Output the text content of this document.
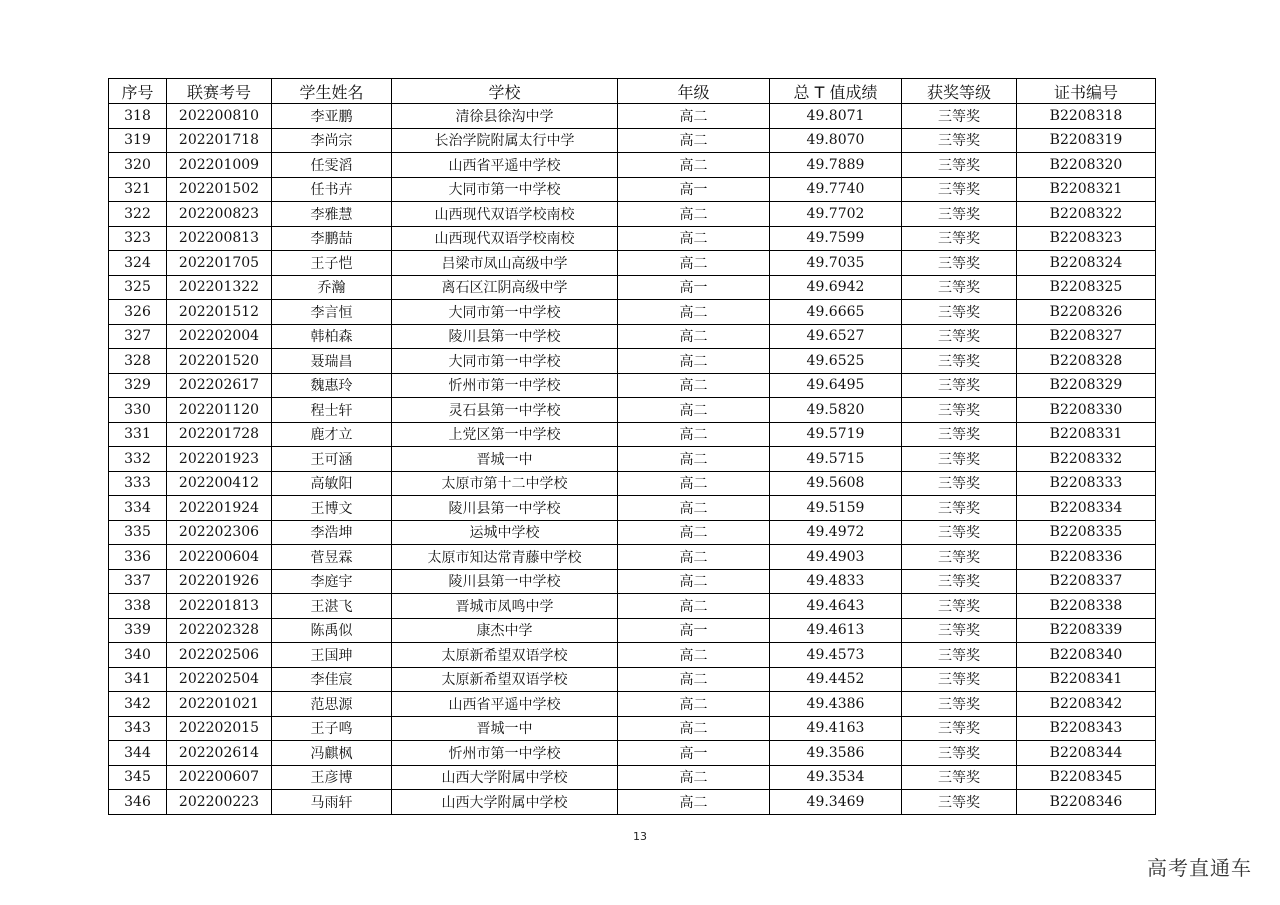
序号	联赛考号	学生姓名	学校	年级	总 T 值成绩	获奖等级	证书编号
318	202200810	李亚鹏	清徐县徐沟中学	高二	49.8071	三等奖	B2208318
319	202201718	李尚宗	长治学院附属太行中学	高二	49.8070	三等奖	B2208319
320	202201009	任雯滔	山西省平遥中学校	高二	49.7889	三等奖	B2208320
321	202201502	任书卉	大同市第一中学校	高一	49.7740	三等奖	B2208321
322	202200823	李雅慧	山西现代双语学校南校	高二	49.7702	三等奖	B2208322
323	202200813	李鹏喆	山西现代双语学校南校	高二	49.7599	三等奖	B2208323
324	202201705	王子恺	吕梁市凤山高级中学	高二	49.7035	三等奖	B2208324
325	202201322	乔瀚	离石区江阴高级中学	高一	49.6942	三等奖	B2208325
326	202201512	李言恒	大同市第一中学校	高二	49.6665	三等奖	B2208326
327	202202004	韩柏森	陵川县第一中学校	高二	49.6527	三等奖	B2208327
328	202201520	聂瑞昌	大同市第一中学校	高二	49.6525	三等奖	B2208328
329	202202617	魏惠玲	忻州市第一中学校	高二	49.6495	三等奖	B2208329
330	202201120	程士轩	灵石县第一中学校	高二	49.5820	三等奖	B2208330
331	202201728	鹿才立	上党区第一中学校	高二	49.5719	三等奖	B2208331
332	202201923	王可涵	晋城一中	高二	49.5715	三等奖	B2208332
333	202200412	高敏阳	太原市第十二中学校	高二	49.5608	三等奖	B2208333
334	202201924	王博文	陵川县第一中学校	高二	49.5159	三等奖	B2208334
335	202202306	李浩坤	运城中学校	高二	49.4972	三等奖	B2208335
336	202200604	菅昱霖	太原市知达常青藤中学校	高二	49.4903	三等奖	B2208336
337	202201926	李庭宇	陵川县第一中学校	高二	49.4833	三等奖	B2208337
338	202201813	王湛飞	晋城市凤鸣中学	高二	49.4643	三等奖	B2208338
339	202202328	陈禹似	康杰中学	高一	49.4613	三等奖	B2208339
340	202202506	王国珅	太原新希望双语学校	高二	49.4573	三等奖	B2208340
341	202202504	李佳宸	太原新希望双语学校	高二	49.4452	三等奖	B2208341
342	202201021	范思源	山西省平遥中学校	高二	49.4386	三等奖	B2208342
343	202202015	王子鸣	晋城一中	高二	49.4163	三等奖	B2208343
344	202202614	冯麒枫	忻州市第一中学校	高一	49.3586	三等奖	B2208344
345	202200607	王彦博	山西大学附属中学校	高二	49.3534	三等奖	B2208345
346	202200223	马雨轩	山西大学附属中学校	高二	49.3469	三等奖	B2208346
13
高考直通车
